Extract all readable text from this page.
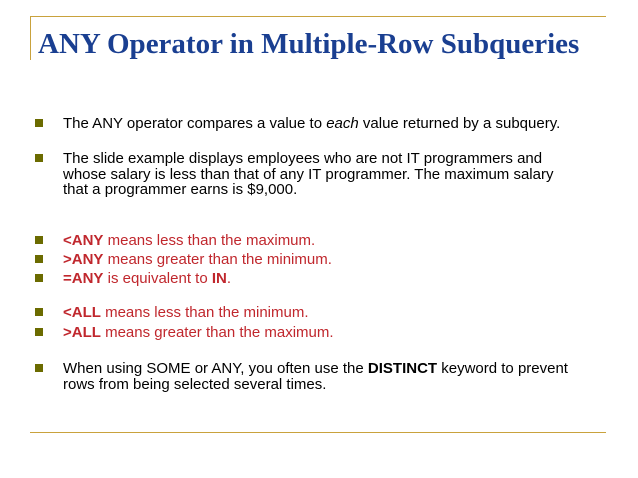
ANY Operator in Multiple-Row Subqueries
The ANY operator compares a value to each value returned by a subquery.
The slide example displays employees who are not IT programmers and whose salary is less than that of any IT programmer. The maximum salary that a programmer earns is $9,000.
<ANY means less than the maximum.
>ANY means greater than the minimum.
=ANY is equivalent to IN.
<ALL means less than the minimum.
>ALL means greater than the maximum.
When using SOME or ANY, you often use the DISTINCT keyword to prevent rows from being selected several times.
